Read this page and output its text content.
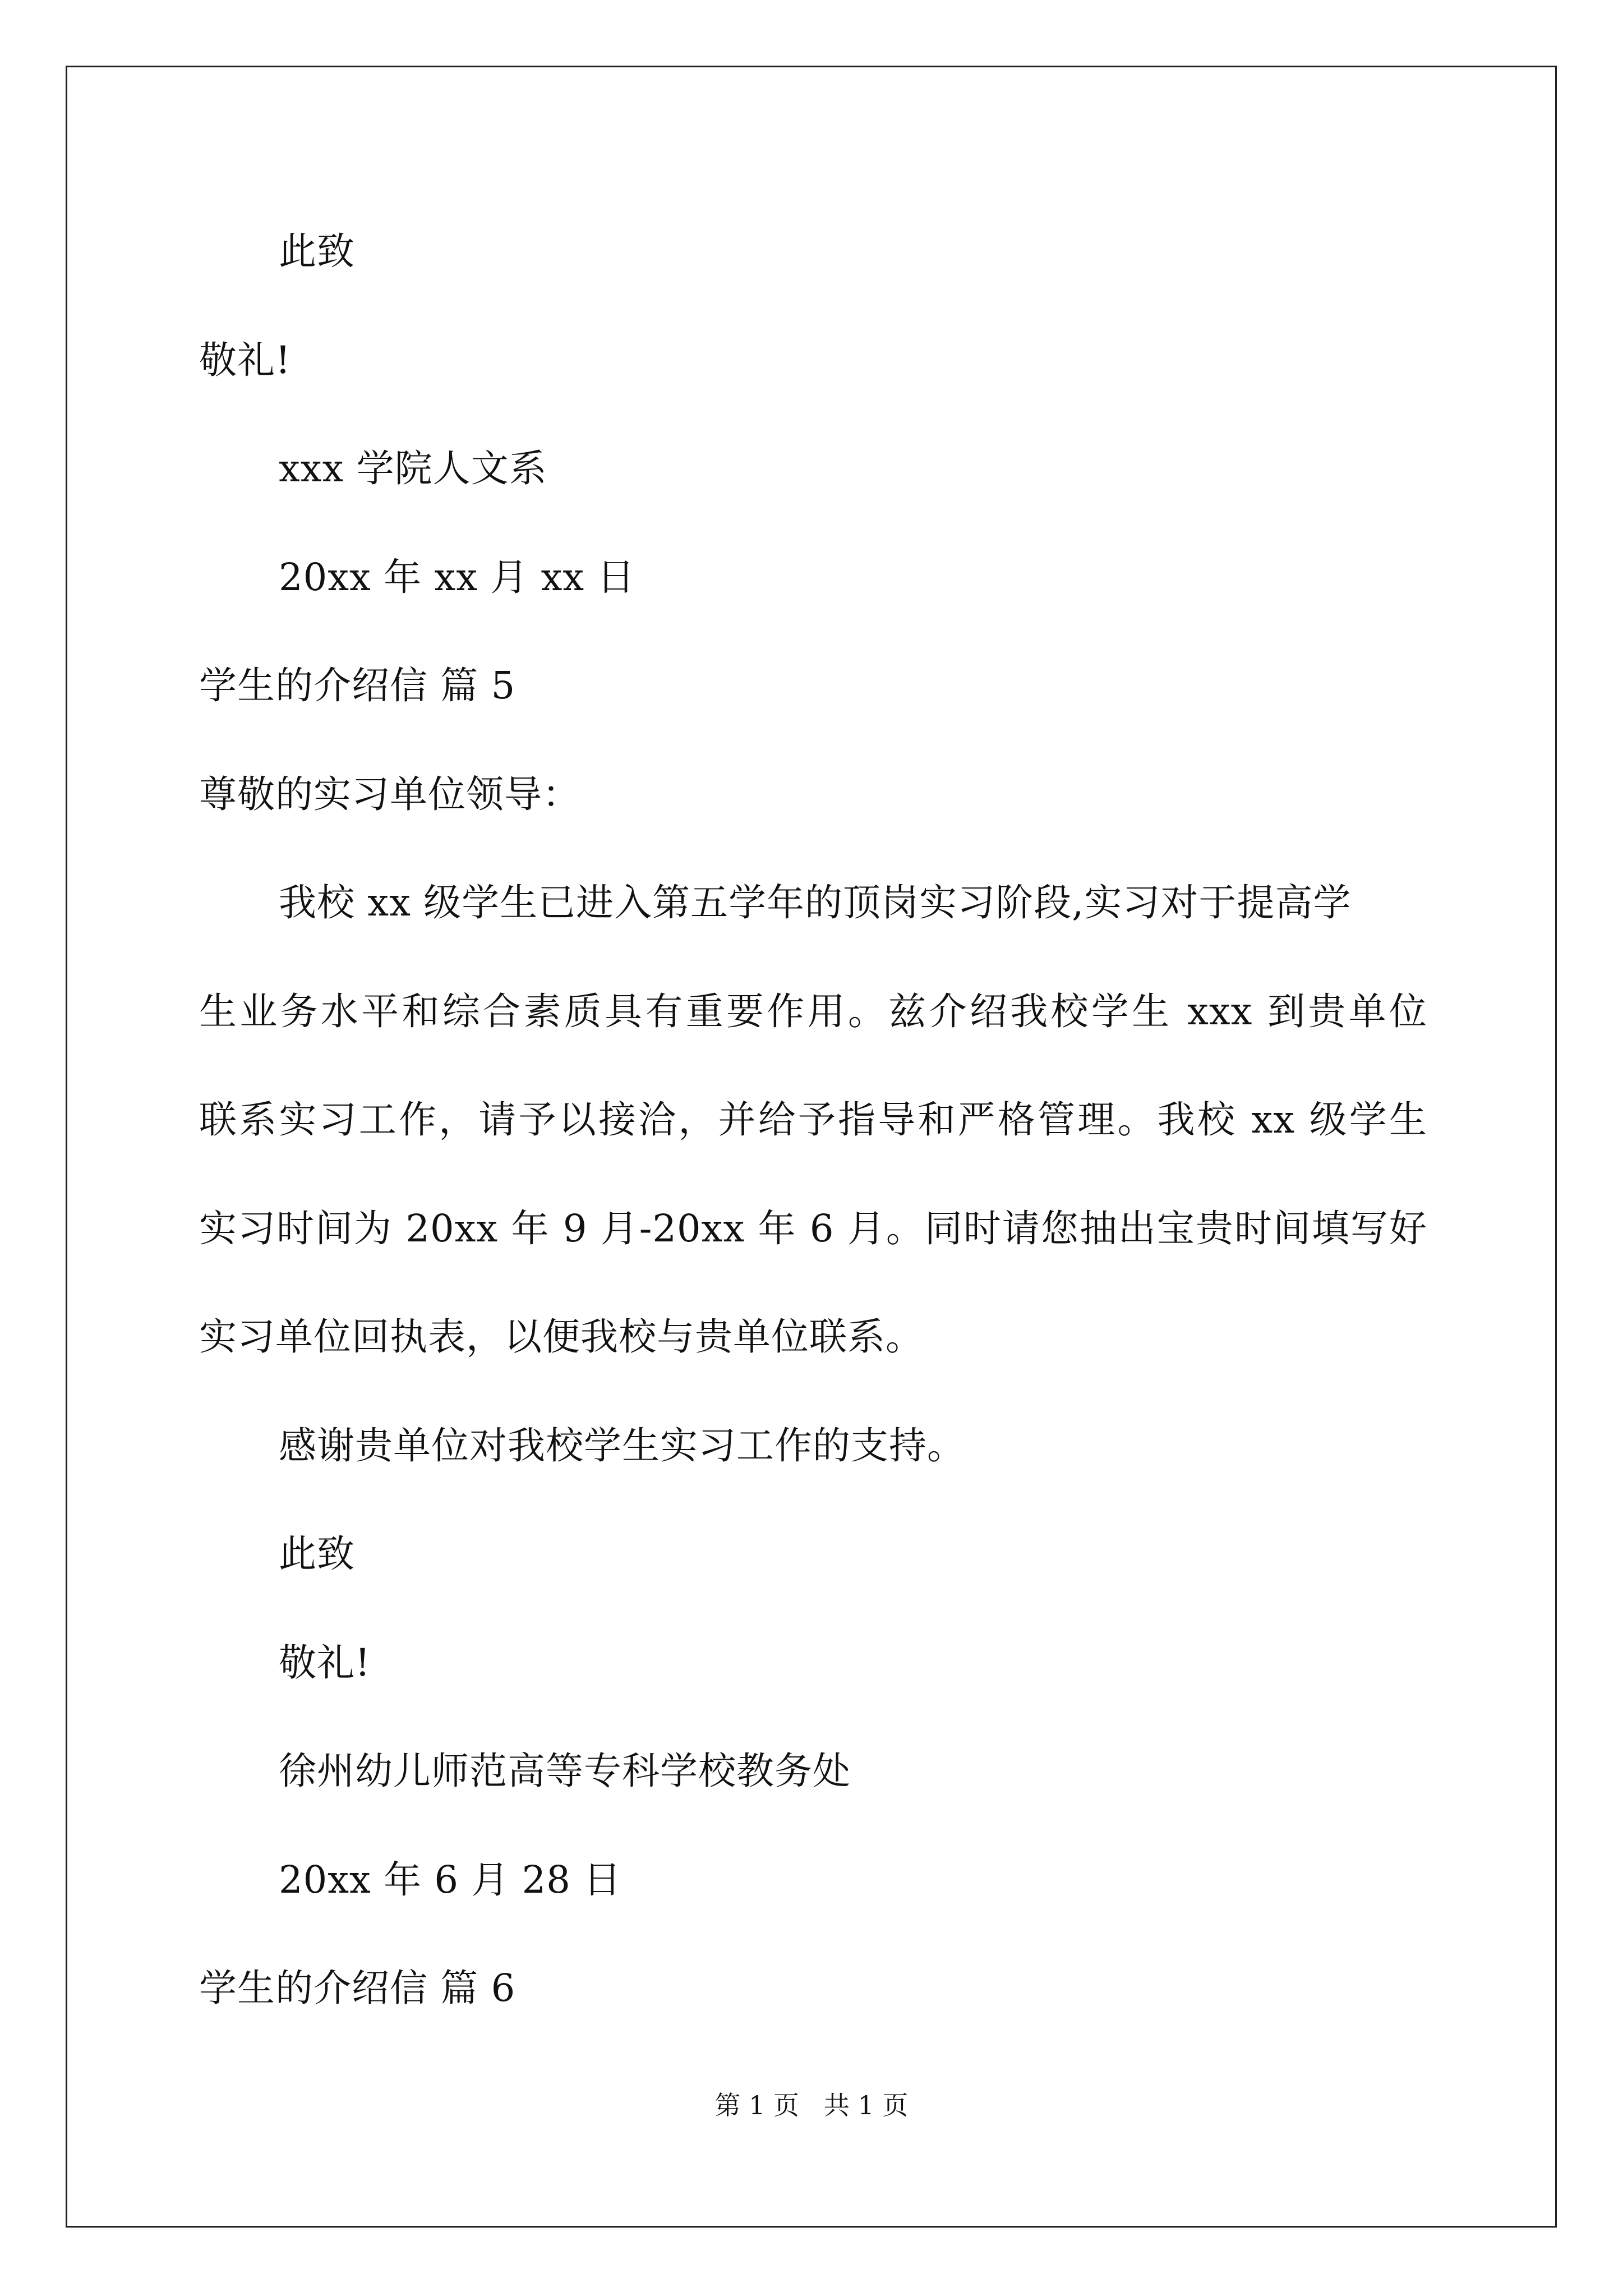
此致
敬礼!
xxx 学院人文系
20xx 年 xx 月 xx 日
学生的介绍信 篇 5
尊敬的实习单位领导：
我校 xx 级学生已进入第五学年的顶岗实习阶段,实习对于提高学
生业务水平和综合素质具有重要作用。兹介绍我校学生 xxx 到贵单位
联系实习工作，请予以接洽，并给予指导和严格管理。我校 xx 级学生
实习时间为 20xx 年 9 月-20xx 年 6 月。同时请您抽出宝贵时间填写好
实习单位回执表，以便我校与贵单位联系。
感谢贵单位对我校学生实习工作的支持。
此致
敬礼!
徐州幼儿师范高等专科学校教务处
20xx 年 6 月 28 日
学生的介绍信 篇 6
第 1 页   共 1 页
